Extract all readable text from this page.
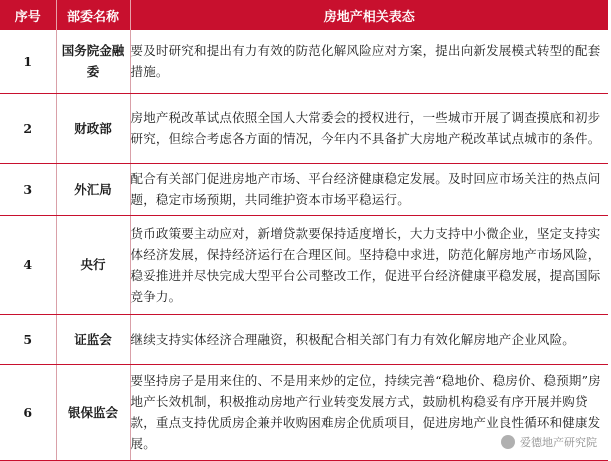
序号	部委名称	房地产相关表态
1	国务院金融委	要及时研究和提出有力有效的防范化解风险应对方案，提出向新发展模式转型的配套措施。
2	财政部	房地产税改革试点依照全国人大常委会的授权进行，一些城市开展了调查摸底和初步研究，但综合考虑各方面的情况，今年内不具备扩大房地产税改革试点城市的条件。
3	外汇局	配合有关部门促进房地产市场、平台经济健康稳定发展。及时回应市场关注的热点问题，稳定市场预期，共同维护资本市场平稳运行。
4	央行	货币政策要主动应对，新增贷款要保持适度增长，大力支持中小微企业，坚定支持实体经济发展，保持经济运行在合理区间。坚持稳中求进，防范化解房地产市场风险，稳妥推进并尽快完成大型平台公司整改工作，促进平台经济健康平稳发展，提高国际竞争力。
5	证监会	继续支持实体经济合理融资，积极配合相关部门有力有效化解房地产企业风险。
6	银保监会	要坚持房子是用来住的、不是用来炒的定位，持续完善“稳地价、稳房价、稳预期”房地产长效机制，积极推动房地产行业转变发展方式，鼓励机构稳妥有序开展并购贷款，重点支持优质房企兼并收购困难房企优质项目，促进房地产业良性循环和健康发展。	爱德地产研究院
